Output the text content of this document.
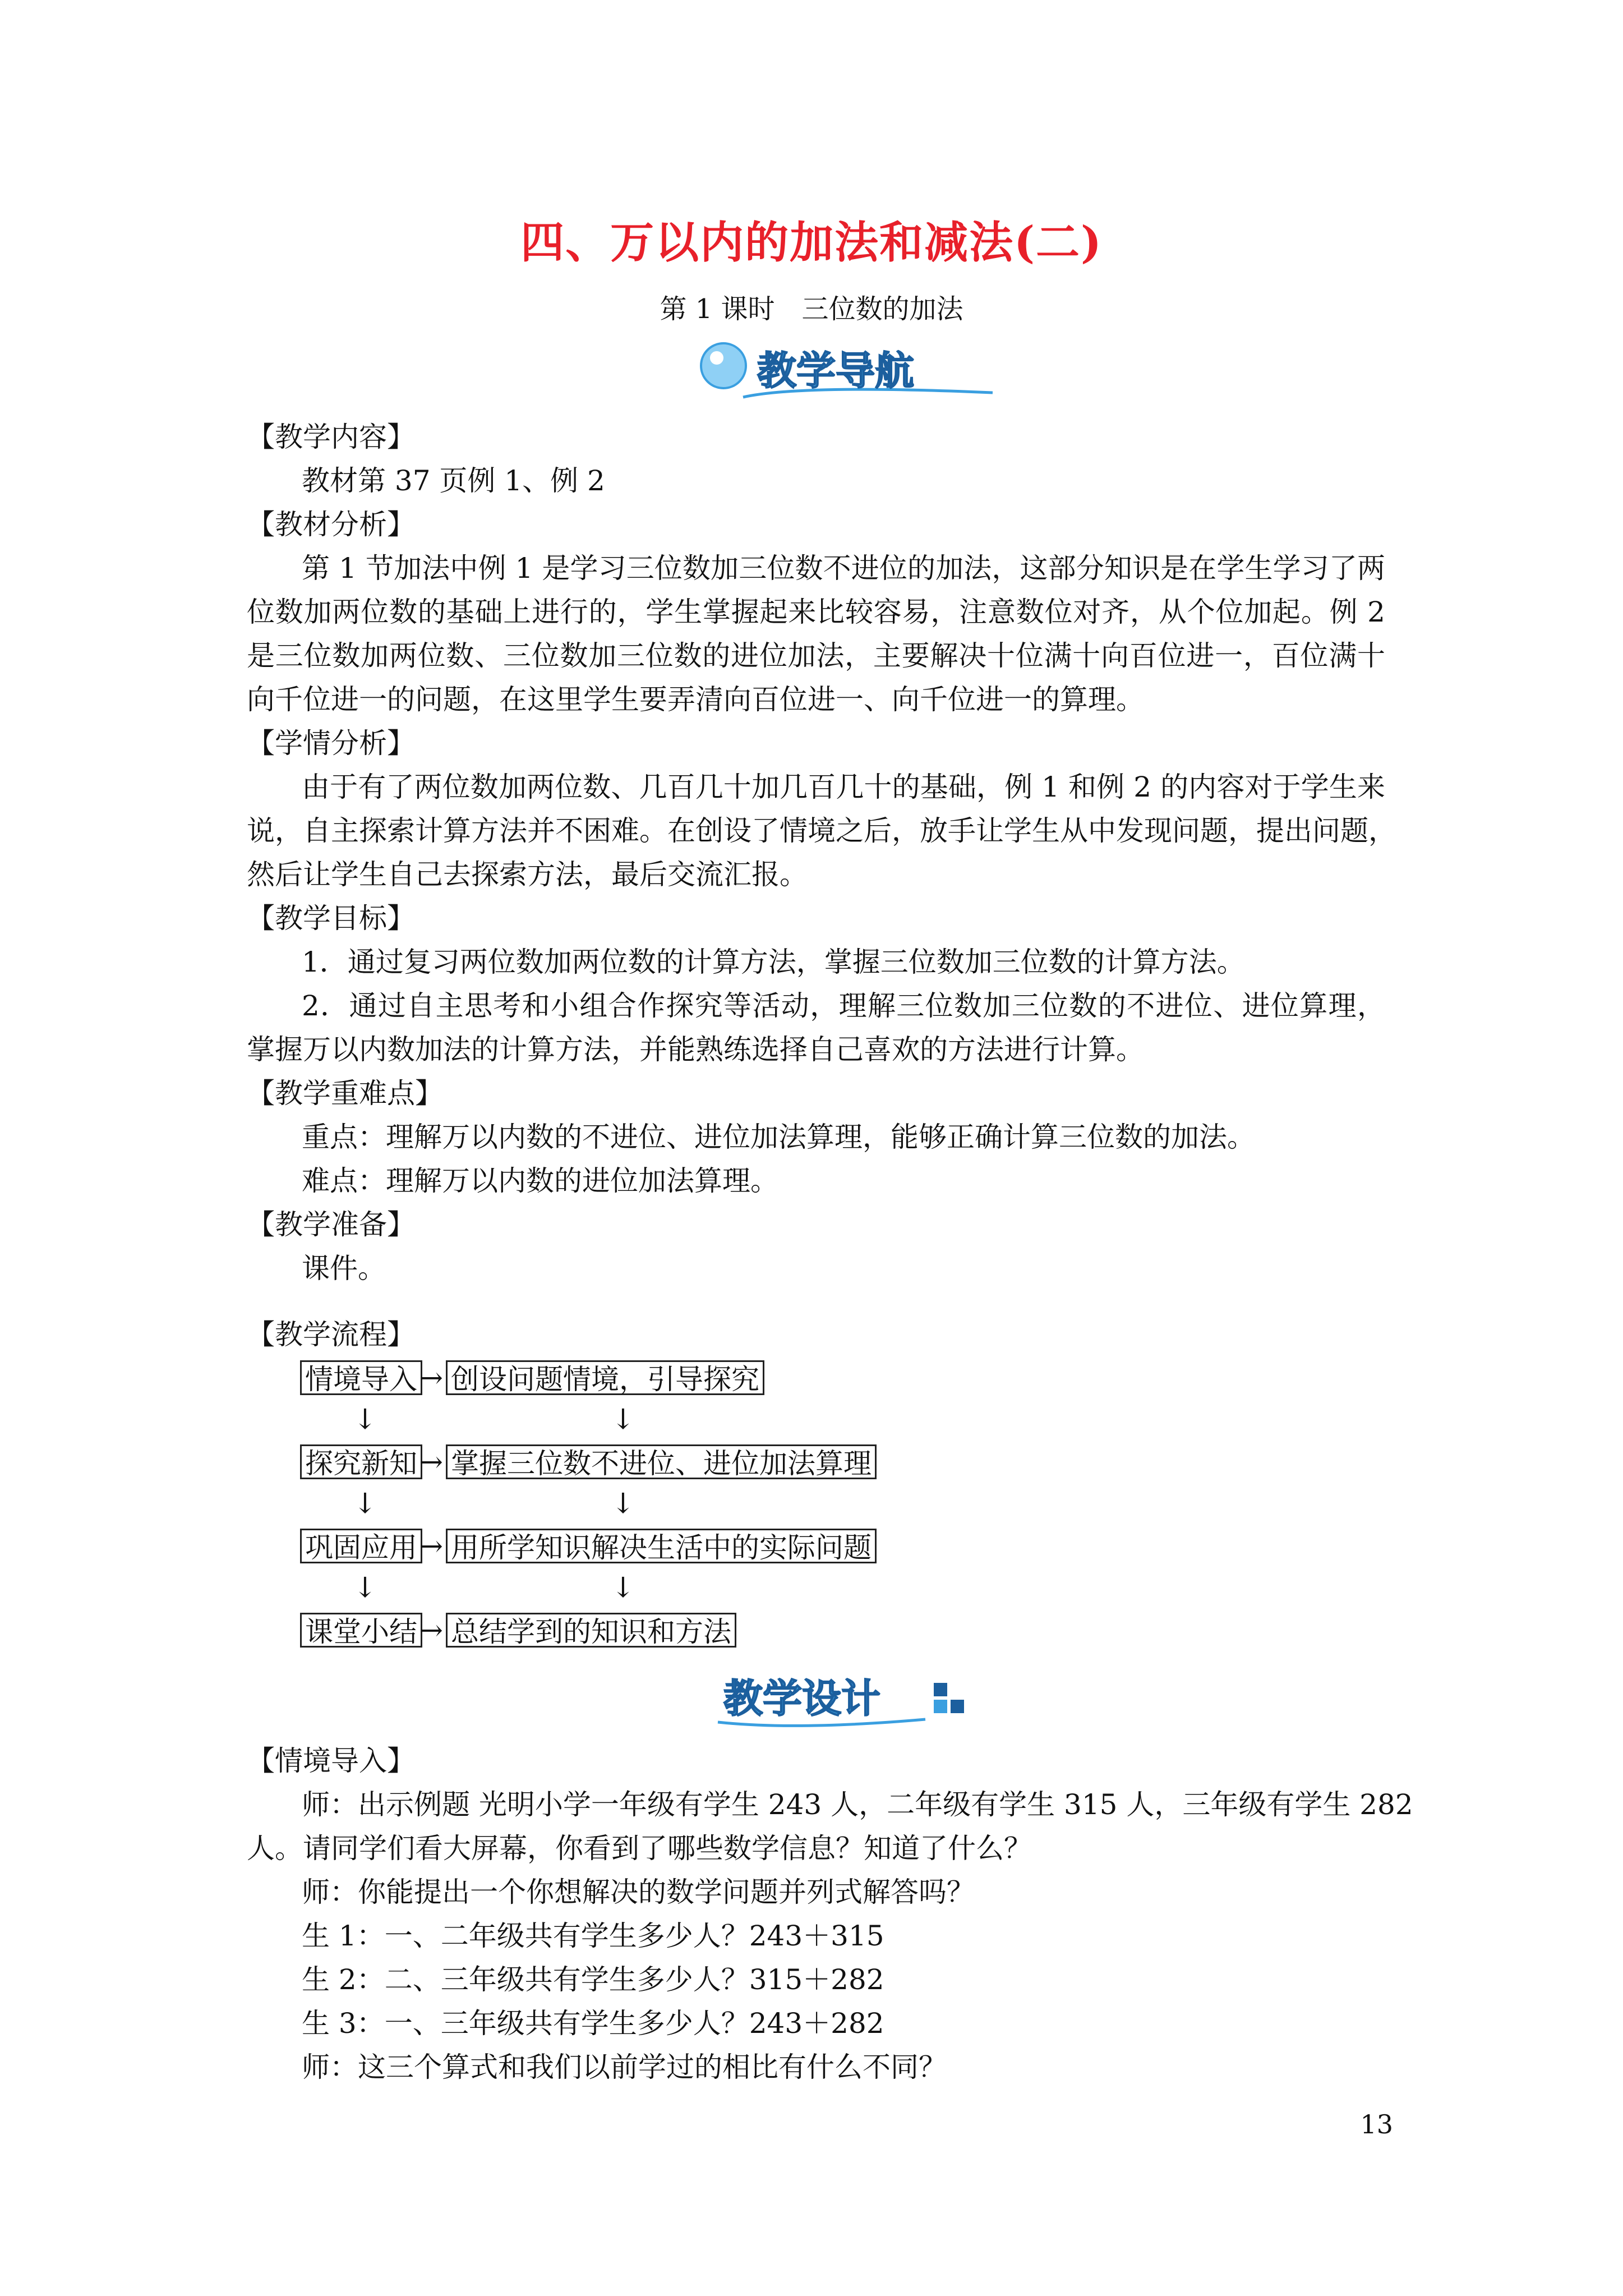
四、万以内的加法和减法(二)
第 1 课时　三位数的加法
教学导航
【教学内容】
教材第 37 页例 1、例 2
【教材分析】
第 1 节加法中例 1 是学习三位数加三位数不进位的加法，这部分知识是在学生学习了两
位数加两位数的基础上进行的，学生掌握起来比较容易，注意数位对齐，从个位加起。例 2
是三位数加两位数、三位数加三位数的进位加法，主要解决十位满十向百位进一，百位满十
向千位进一的问题，在这里学生要弄清向百位进一、向千位进一的算理。
【学情分析】
由于有了两位数加两位数、几百几十加几百几十的基础，例 1 和例 2 的内容对于学生来
说，自主探索计算方法并不困难。在创设了情境之后，放手让学生从中发现问题，提出问题，
然后让学生自己去探索方法，最后交流汇报。
【教学目标】
1．通过复习两位数加两位数的计算方法，掌握三位数加三位数的计算方法。
2．通过自主思考和小组合作探究等活动，理解三位数加三位数的不进位、进位算理，
掌握万以内数加法的计算方法，并能熟练选择自己喜欢的方法进行计算。
【教学重难点】
重点：理解万以内数的不进位、进位加法算理，能够正确计算三位数的加法。
难点：理解万以内数的进位加法算理。
【教学准备】
课件。
【教学流程】
情境导入 → 创设问题情境，引导探究
↓	↓
探究新知 → 掌握三位数不进位、进位加法算理
↓	↓
巩固应用 → 用所学知识解决生活中的实际问题
↓	↓
课堂小结 → 总结学到的知识和方法
教学设计
【情境导入】
师：出示例题 光明小学一年级有学生 243 人，二年级有学生 315 人，三年级有学生 282
人。请同学们看大屏幕，你看到了哪些数学信息？知道了什么？
师：你能提出一个你想解决的数学问题并列式解答吗？
生 1：一、二年级共有学生多少人？243＋315
生 2：二、三年级共有学生多少人？315＋282
生 3：一、三年级共有学生多少人？243＋282
师：这三个算式和我们以前学过的相比有什么不同？
13
